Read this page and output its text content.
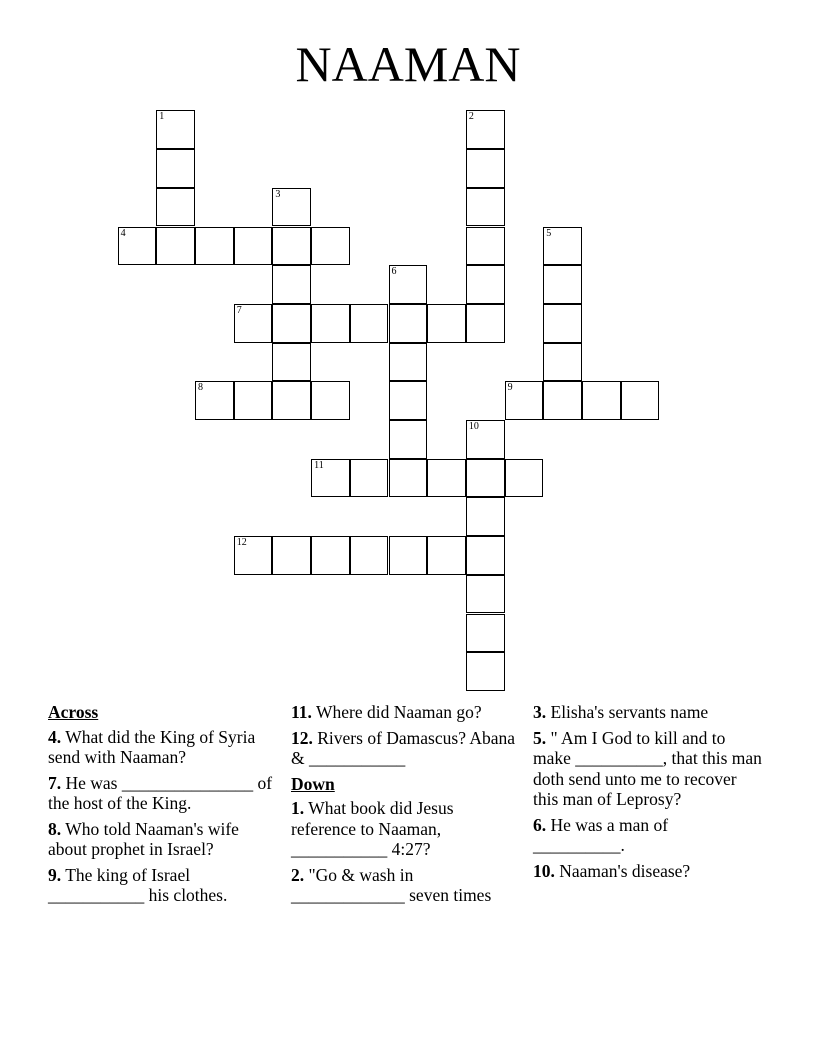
NAAMAN
1
4
3
2
5
6
7
8	9
10
11
12
Across
4. What did the King of Syria send with Naaman?
7. He was _______________ of the host of the King.
8. Who told Naaman's wife about prophet in Israel?
9. The king of Israel ___________ his clothes.
11. Where did Naaman go?
12. Rivers of Damascus? Abana & ___________
Down
1. What book did Jesus reference to Naaman, ___________ 4:27?
2. "Go & wash in _____________ seven times
3. Elisha's servants name
5. " Am I God to kill and to make __________, that this man doth send unto me to recover this man of Leprosy?
6. He was a man of __________.
10. Naaman's disease?
